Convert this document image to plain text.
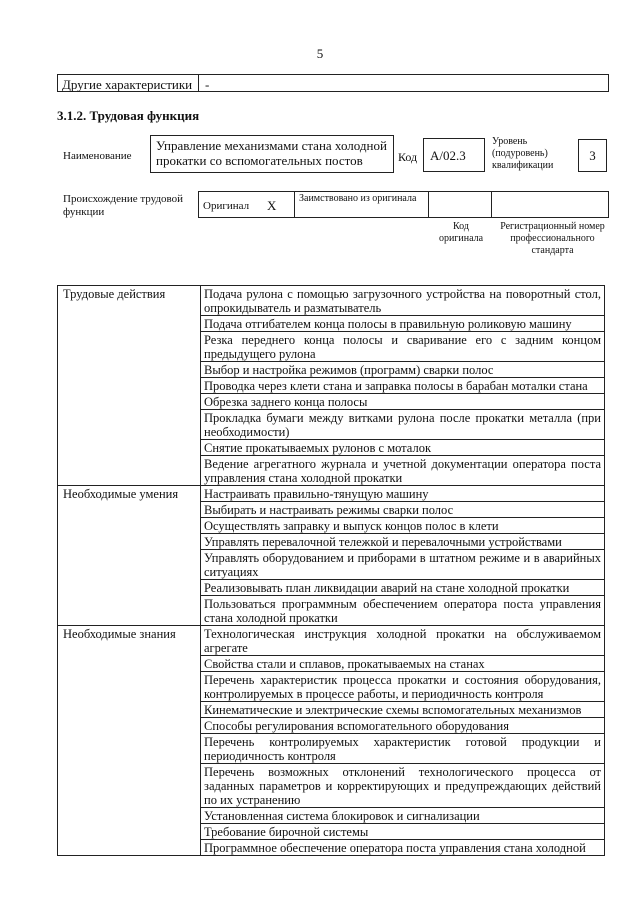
5
Другие характеристики -
3.1.2. Трудовая функция
Наименование
Управление механизмами стана холодной прокатки со вспомогательных постов	Код А/02.3
Уровень (подуровень) квалификации
3
Происхождение трудовой функции	Оригинал X	Заимствовано из оригинала
Код оригинала
Регистрационный номер профессионального стандарта
Трудовые действия	Подача рулона с помощью загрузочного устройства на поворотный стол, опрокидыватель и разматыватель
	Подача отгибателем конца полосы в правильную роликовую машину
	Резка переднего конца полосы и сваривание его с задним концом предыдущего рулона
	Выбор и настройка режимов (программ) сварки полос
	Проводка через клети стана и заправка полосы в барабан моталки стана
	Обрезка заднего конца полосы
	Прокладка бумаги между витками рулона после прокатки металла (при необходимости)
	Снятие прокатываемых рулонов с моталок
	Ведение агрегатного журнала и учетной документации оператора поста управления стана холодной прокатки
Необходимые умения	Настраивать правильно-тянущую машину
	Выбирать и настраивать режимы сварки полос
	Осуществлять заправку и выпуск концов полос в клети
	Управлять перевалочной тележкой и перевалочными устройствами
	Управлять оборудованием и приборами в штатном режиме и в аварийных ситуациях
	Реализовывать план ликвидации аварий на стане холодной прокатки
	Пользоваться программным обеспечением оператора поста управления стана холодной прокатки
Необходимые знания	Технологическая инструкция холодной прокатки на обслуживаемом агрегате
	Свойства стали и сплавов, прокатываемых на станах
	Перечень характеристик процесса прокатки и состояния оборудования, контролируемых в процессе работы, и периодичность контроля
	Кинематические и электрические схемы вспомогательных механизмов
	Способы регулирования вспомогательного оборудования
	Перечень контролируемых характеристик готовой продукции и периодичность контроля
	Перечень возможных отклонений технологического процесса от заданных параметров и корректирующих и предупреждающих действий по их устранению
	Установленная система блокировок и сигнализации
	Требование бирочной системы
	Программное обеспечение оператора поста управления стана холодной
